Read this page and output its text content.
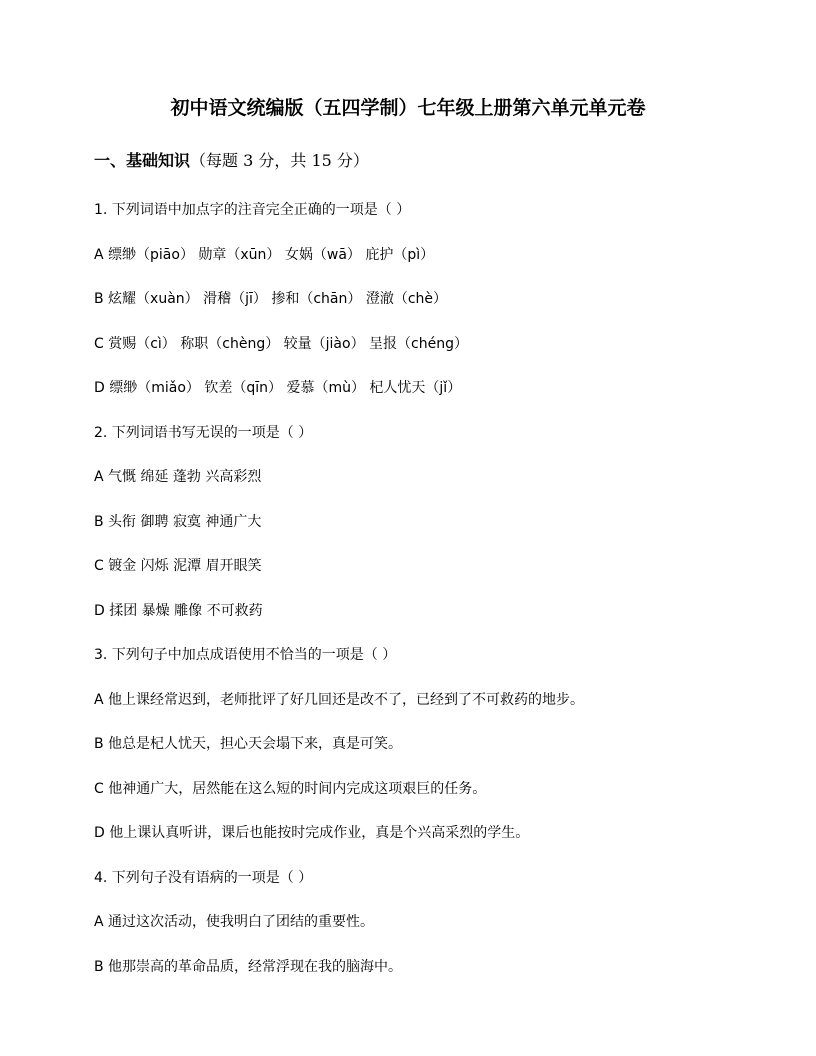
初中语文统编版（五四学制）七年级上册第六单元单元卷
一、基础知识（每题 3 分，共 15 分）
1. 下列词语中加点字的注音完全正确的一项是（ ）
A 缥缈（piāo） 勋章（xūn） 女娲（wā） 庇护（pì）
B 炫耀（xuàn） 滑稽（jī） 掺和（chān） 澄澈（chè）
C 赏赐（cì） 称职（chèng） 较量（jiào） 呈报（chéng）
D 缥缈（miǎo） 钦差（qīn） 爱慕（mù） 杞人忧天（jǐ）
2. 下列词语书写无误的一项是（ ）
A 气慨 绵延 蓬勃 兴高彩烈
B 头衔 御聘 寂寞 神通广大
C 镀金 闪烁 泥潭 眉开眼笑
D 揉团 暴燥 雕像 不可救药
3. 下列句子中加点成语使用不恰当的一项是（ ）
A 他上课经常迟到，老师批评了好几回还是改不了，已经到了不可救药的地步。
B 他总是杞人忧天，担心天会塌下来，真是可笑。
C 他神通广大，居然能在这么短的时间内完成这项艰巨的任务。
D 他上课认真听讲，课后也能按时完成作业，真是个兴高采烈的学生。
4. 下列句子没有语病的一项是（ ）
A 通过这次活动，使我明白了团结的重要性。
B 他那崇高的革命品质，经常浮现在我的脑海中。
